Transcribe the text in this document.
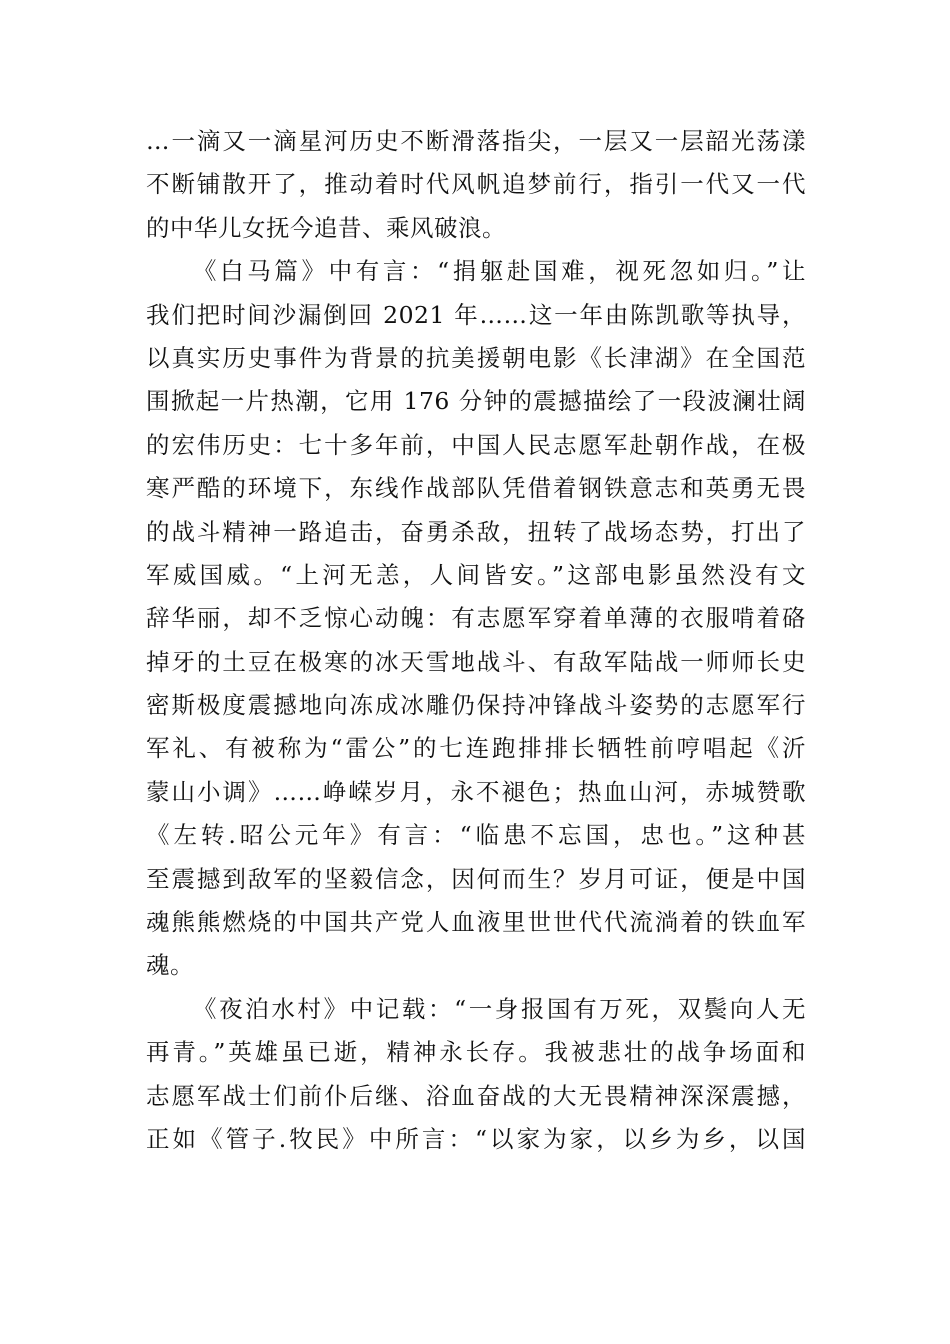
…一滴又一滴星河历史不断滑落指尖，一层又一层韶光荡漾
不断铺散开了，推动着时代风帆追梦前行，指引一代又一代
的中华儿女抚今追昔、乘风破浪。
《白马篇》中有言：“捐躯赴国难，视死忽如归。”让
我们把时间沙漏倒回 2021 年……这一年由陈凯歌等执导，
以真实历史事件为背景的抗美援朝电影《长津湖》在全国范
围掀起一片热潮，它用 176 分钟的震撼描绘了一段波澜壮阔
的宏伟历史：七十多年前，中国人民志愿军赴朝作战，在极
寒严酷的环境下，东线作战部队凭借着钢铁意志和英勇无畏
的战斗精神一路追击，奋勇杀敌，扭转了战场态势，打出了
军威国威。“上河无恙，人间皆安。”这部电影虽然没有文
辞华丽，却不乏惊心动魄：有志愿军穿着单薄的衣服啃着硌
掉牙的土豆在极寒的冰天雪地战斗、有敌军陆战一师师长史
密斯极度震撼地向冻成冰雕仍保持冲锋战斗姿势的志愿军行
军礼、有被称为“雷公”的七连跑排排长牺牲前哼唱起《沂
蒙山小调》……峥嵘岁月，永不褪色；热血山河，赤城赞歌
《左转.昭公元年》有言：“临患不忘国，忠也。”这种甚
至震撼到敌军的坚毅信念，因何而生？岁月可证，便是中国
魂熊熊燃烧的中国共产党人血液里世世代代流淌着的铁血军
魂。
《夜泊水村》中记载：“一身报国有万死，双鬓向人无
再青。”英雄虽已逝，精神永长存。我被悲壮的战争场面和
志愿军战士们前仆后继、浴血奋战的大无畏精神深深震撼，
正如《管子.牧民》中所言：“以家为家，以乡为乡，以国
